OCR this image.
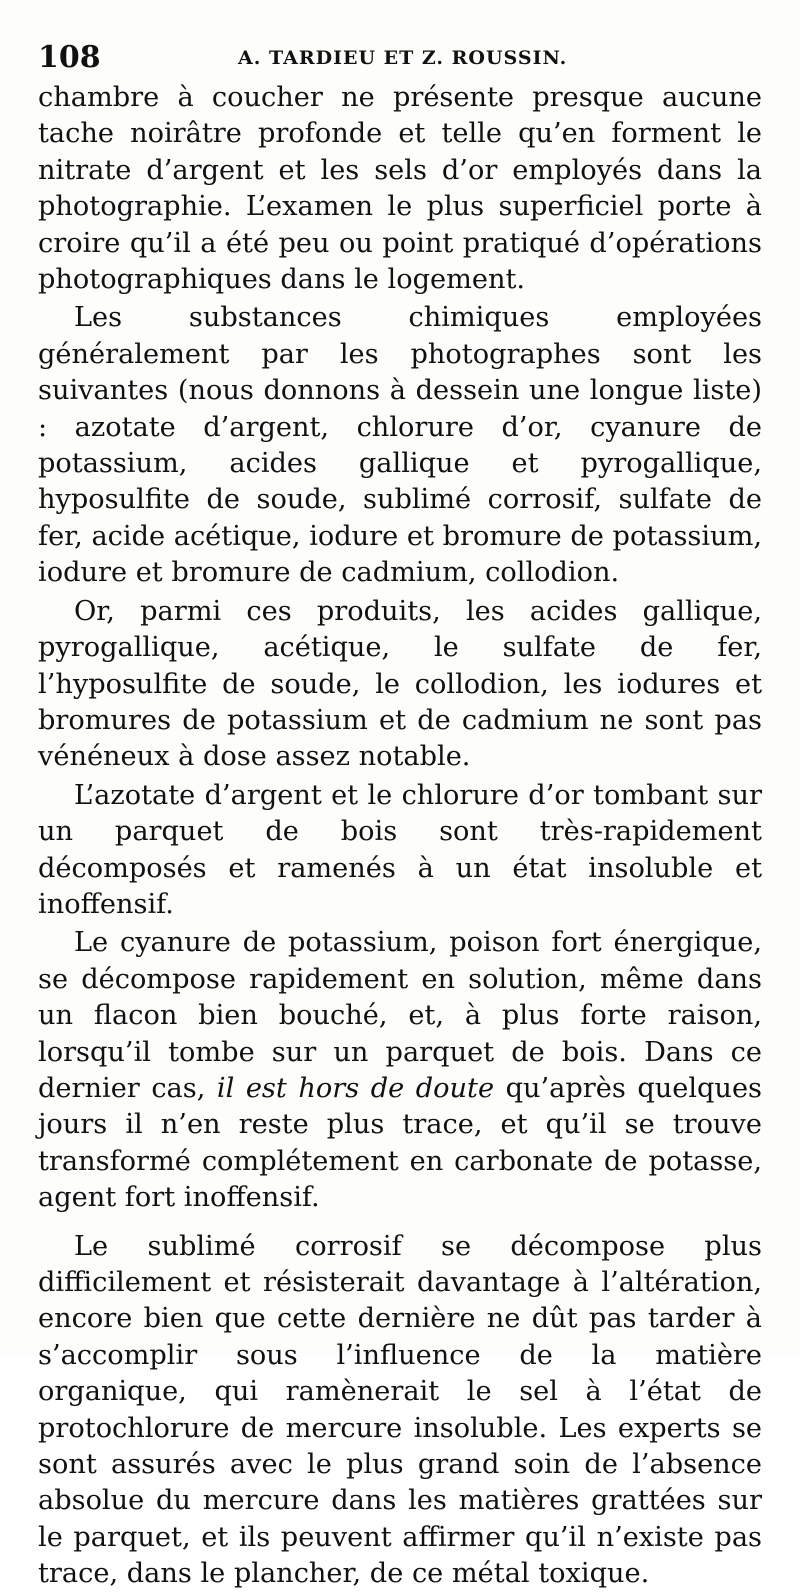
108	A. TARDIEU ET Z. ROUSSIN.

chambre à coucher ne présente presque aucune tache noirâtre profonde et telle qu’en forment le nitrate d’argent et les sels d’or employés dans la photographie. L’examen le plus superficiel porte à croire qu’il a été peu ou point pratiqué d’opérations photographiques dans le logement.

Les substances chimiques employées généralement par les photographes sont les suivantes (nous donnons à dessein une longue liste) : azotate d’argent, chlorure d’or, cyanure de potassium, acides gallique et pyrogallique, hyposulfite de soude, sublimé corrosif, sulfate de fer, acide acétique, iodure et bromure de potassium, iodure et bromure de cadmium, collodion.

Or, parmi ces produits, les acides gallique, pyrogallique, acétique, le sulfate de fer, l’hyposulfite de soude, le collodion, les iodures et bromures de potassium et de cadmium ne sont pas vénéneux à dose assez notable.

L’azotate d’argent et le chlorure d’or tombant sur un parquet de bois sont très-rapidement décomposés et ramenés à un état insoluble et inoffensif.

Le cyanure de potassium, poison fort énergique, se décompose rapidement en solution, même dans un flacon bien bouché, et, à plus forte raison, lorsqu’il tombe sur un parquet de bois. Dans ce dernier cas, il est hors de doute qu’après quelques jours il n’en reste plus trace, et qu’il se trouve transformé complétement en carbonate de potasse, agent fort inoffensif.

Le sublimé corrosif se décompose plus difficilement et résisterait davantage à l’altération, encore bien que cette dernière ne dût pas tarder à s’accomplir sous l’influence de la matière organique, qui ramènerait le sel à l’état de protochlorure de mercure insoluble. Les experts se sont assurés avec le plus grand soin de l’absence absolue du mercure dans les matières grattées sur le parquet, et ils peuvent affirmer qu’il n’existe pas trace, dans le plancher, de ce métal toxique.
